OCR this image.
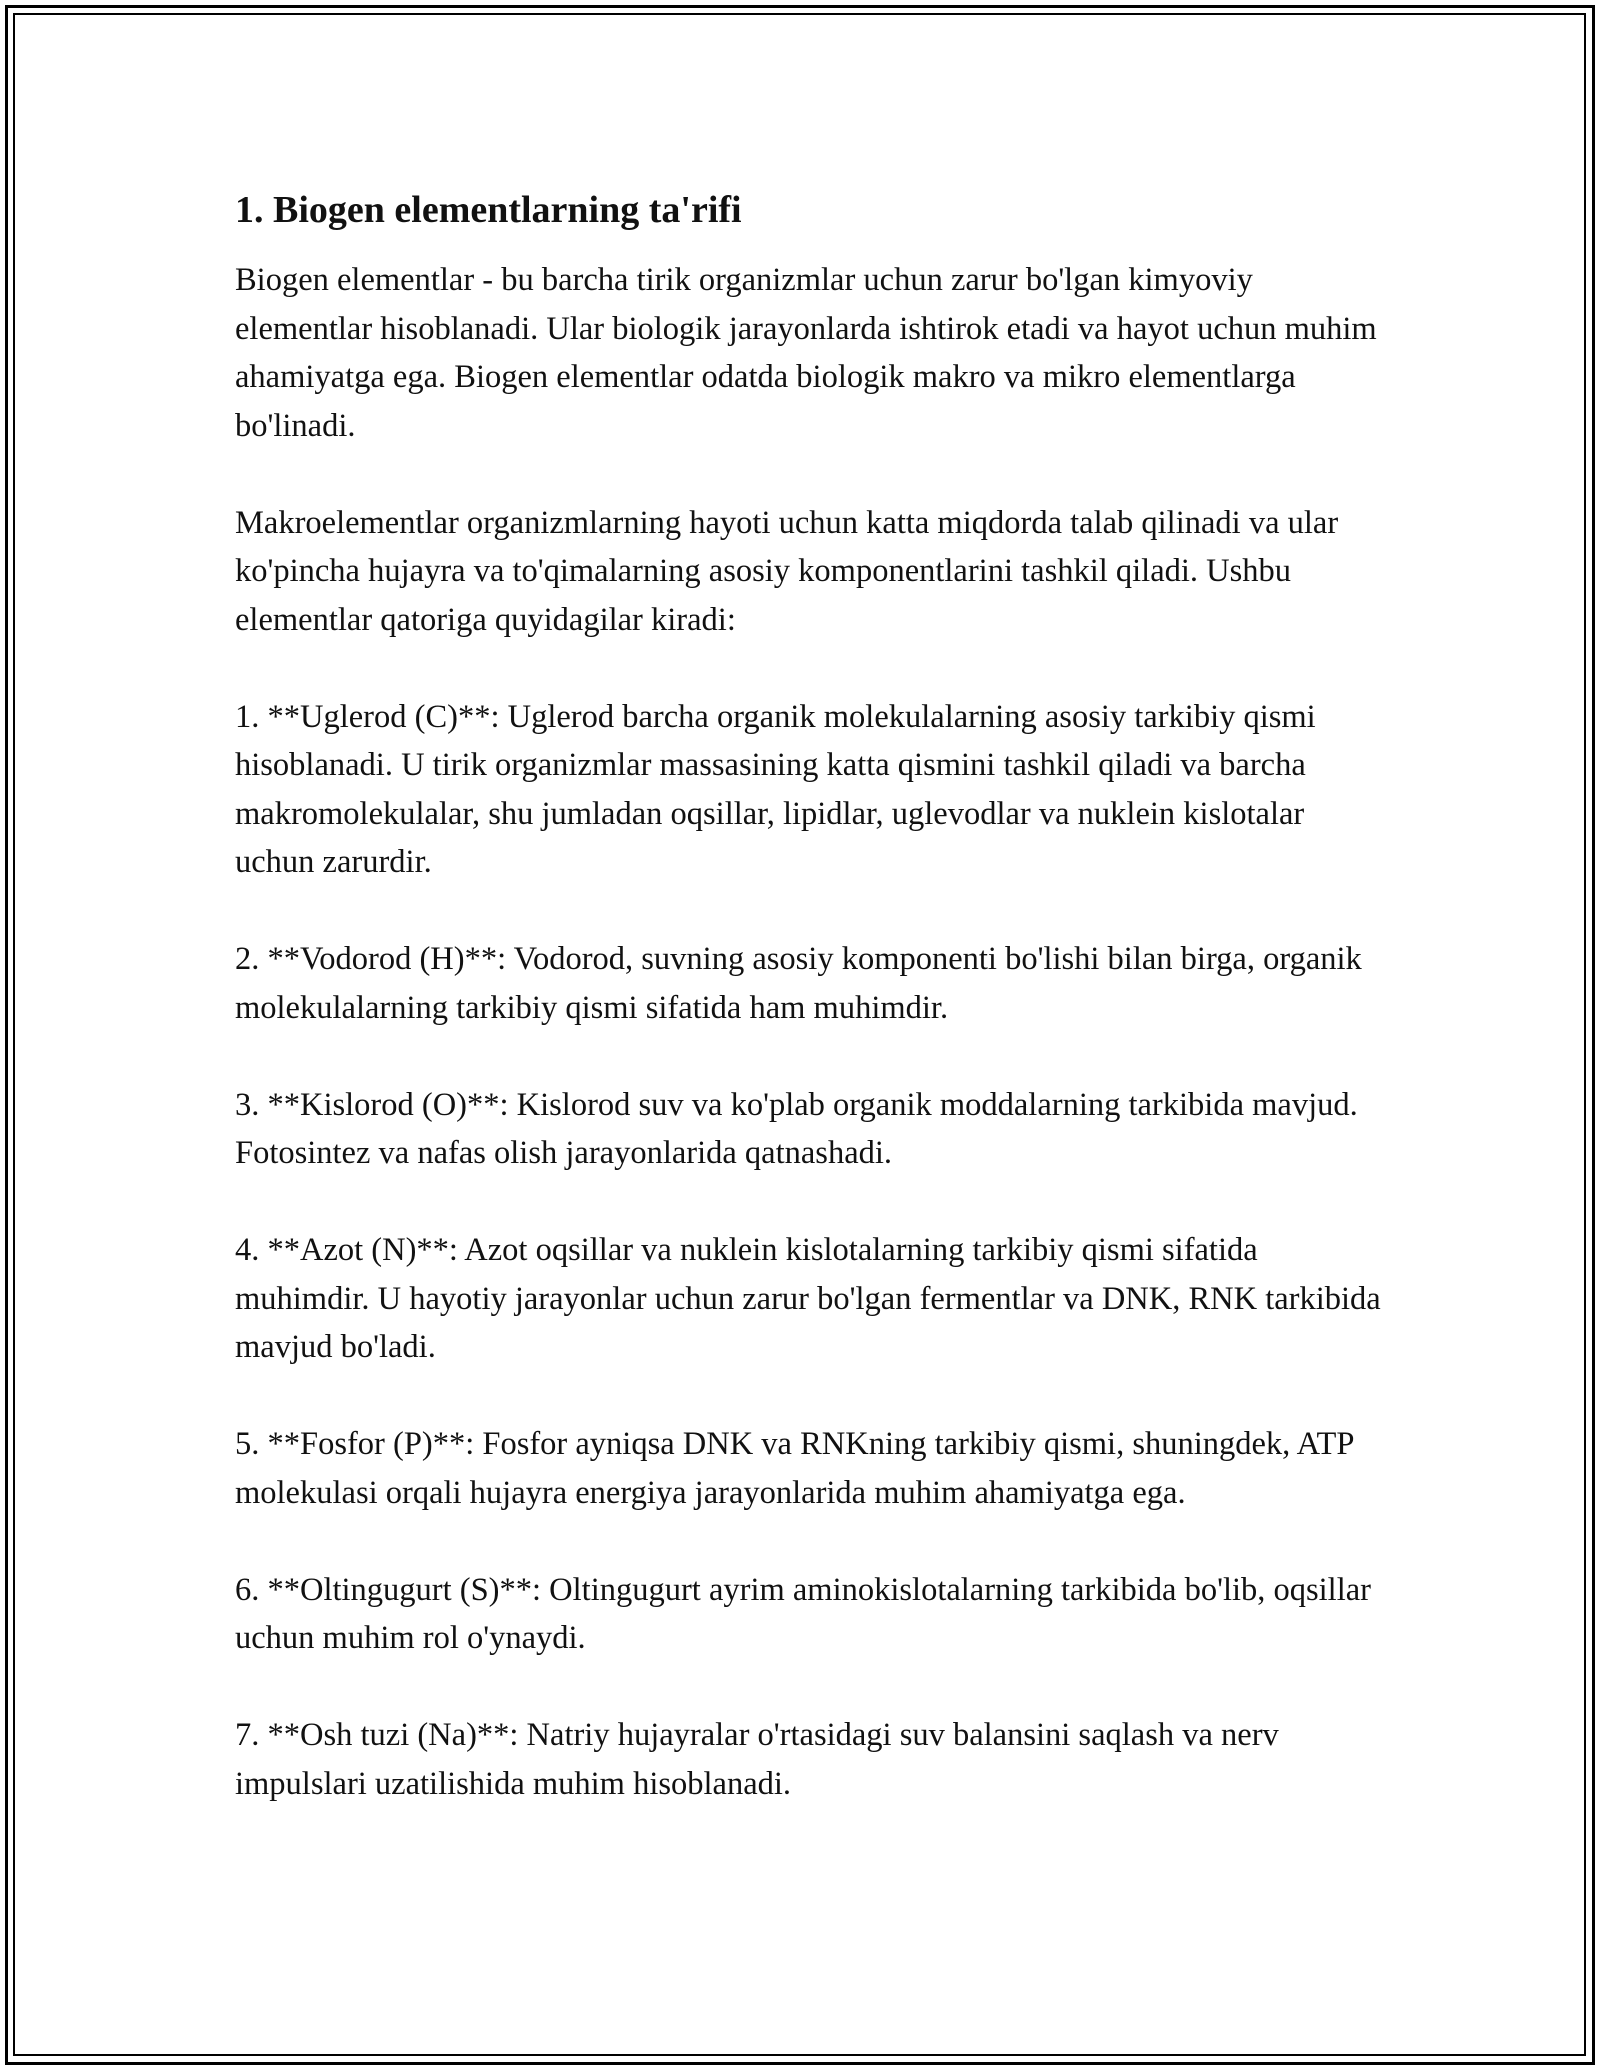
1. Biogen elementlarning ta'rifi

Biogen elementlar - bu barcha tirik organizmlar uchun zarur bo'lgan kimyoviy elementlar hisoblanadi. Ular biologik jarayonlarda ishtirok etadi va hayot uchun muhim ahamiyatga ega. Biogen elementlar odatda biologik makro va mikro elementlarga bo'linadi.

Makroelementlar organizmlarning hayoti uchun katta miqdorda talab qilinadi va ular ko'pincha hujayra va to'qimalarning asosiy komponentlarini tashkil qiladi. Ushbu elementlar qatoriga quyidagilar kiradi:

1. **Uglerod (C)**: Uglerod barcha organik molekulalarning asosiy tarkibiy qismi hisoblanadi. U tirik organizmlar massasining katta qismini tashkil qiladi va barcha makromolekulalar, shu jumladan oqsillar, lipidlar, uglevodlar va nuklein kislotalar uchun zarurdir.

2. **Vodorod (H)**: Vodorod, suvning asosiy komponenti bo'lishi bilan birga, organik molekulalarning tarkibiy qismi sifatida ham muhimdir.

3. **Kislorod (O)**: Kislorod suv va ko'plab organik moddalarning tarkibida mavjud. Fotosintez va nafas olish jarayonlarida qatnashadi.

4. **Azot (N)**: Azot oqsillar va nuklein kislotalarning tarkibiy qismi sifatida muhimdir. U hayotiy jarayonlar uchun zarur bo'lgan fermentlar va DNK, RNK tarkibida mavjud bo'ladi.

5. **Fosfor (P)**: Fosfor ayniqsa DNK va RNKning tarkibiy qismi, shuningdek, ATP molekulasi orqali hujayra energiya jarayonlarida muhim ahamiyatga ega.

6. **Oltingugurt (S)**: Oltingugurt ayrim aminokislotalarning tarkibida bo'lib, oqsillar uchun muhim rol o'ynaydi.

7. **Osh tuzi (Na)**: Natriy hujayralar o'rtasidagi suv balansini saqlash va nerv impulslari uzatilishida muhim hisoblanadi.
